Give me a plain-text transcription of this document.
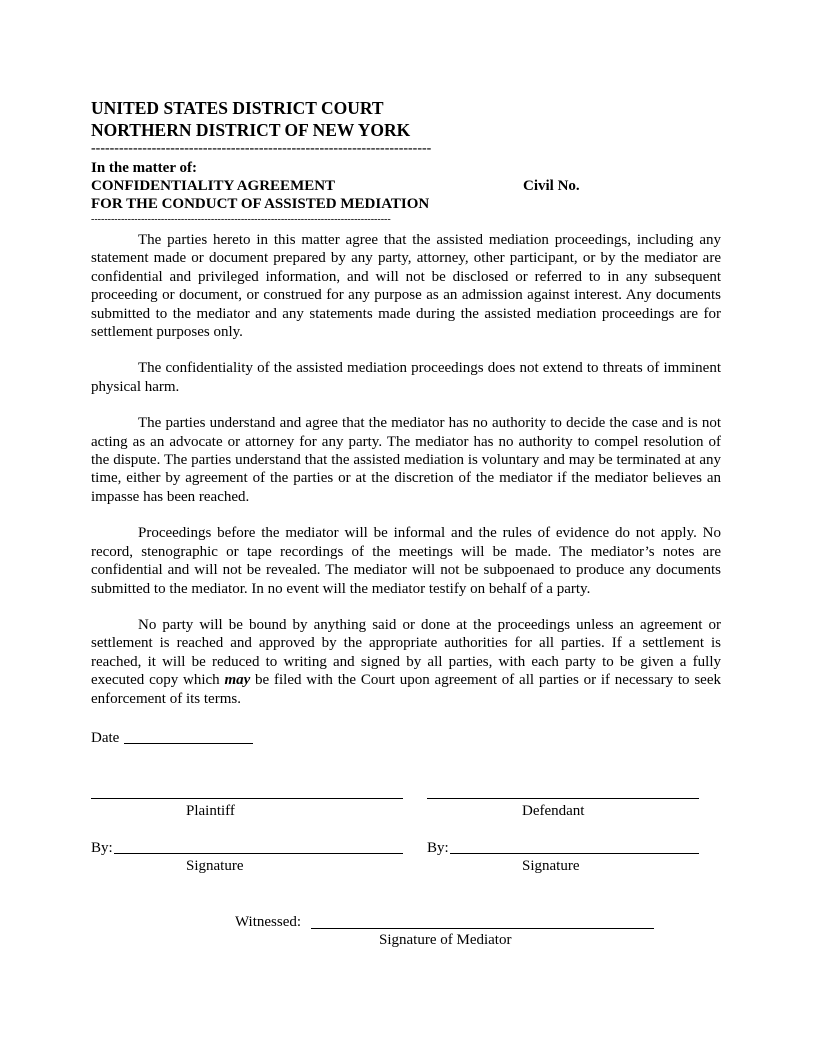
UNITED STATES DISTRICT COURT
NORTHERN DISTRICT OF NEW YORK
-------------------------------------------------------------------------
In the matter of:
CONFIDENTIALITY AGREEMENT
FOR THE CONDUCT OF ASSISTED MEDIATION
Civil No.
------------------------------------------------------------------------------------------

The parties hereto in this matter agree that the assisted mediation proceedings, including any statement made or document prepared by any party, attorney, other participant, or by the mediator are confidential and privileged information, and will not be disclosed or referred to in any subsequent proceeding or document, or construed for any purpose as an admission against interest. Any documents submitted to the mediator and any statements made during the assisted mediation proceedings are for settlement purposes only.

The confidentiality of the assisted mediation proceedings does not extend to threats of imminent physical harm.

The parties understand and agree that the mediator has no authority to decide the case and is not acting as an advocate or attorney for any party. The mediator has no authority to compel resolution of the dispute. The parties understand that the assisted mediation is voluntary and may be terminated at any time, either by agreement of the parties or at the discretion of the mediator if the mediator believes an impasse has been reached.

Proceedings before the mediator will be informal and the rules of evidence do not apply. No record, stenographic or tape recordings of the meetings will be made. The mediator’s notes are confidential and will not be revealed. The mediator will not be subpoenaed to produce any documents submitted to the mediator. In no event will the mediator testify on behalf of a party.

No party will be bound by anything said or done at the proceedings unless an agreement or settlement is reached and approved by the appropriate authorities for all parties. If a settlement is reached, it will be reduced to writing and signed by all parties, with each party to be given a fully executed copy which may be filed with the Court upon agreement of all parties or if necessary to seek enforcement of its terms.

Date
Plaintiff	Defendant
By:
Signature
By:
Signature
Witnessed:
Signature of Mediator
